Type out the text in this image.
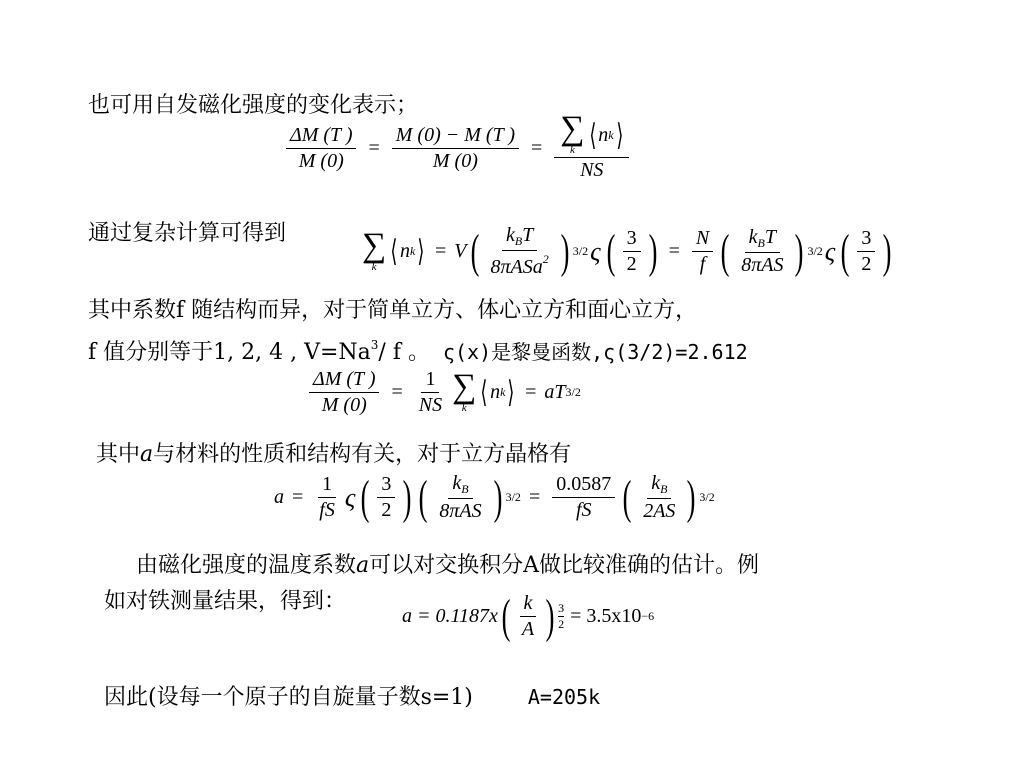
也可用自发磁化强度的变化表示；
$\frac{\Delta M (T )}{M (0)} = \frac{M (0) - M (T )}{M (0)}$ = ∑
k ⟨ n k ⟩
NS
通过复杂计算可得到 ∑
k ⟨ n k ⟩ = V ( $\frac{k_BT}{8\pi ASa^2}$ ) 3/2 ς ( $\frac{3}{2}$ ) = $\frac{N}{f}$ ( $\frac{k_BT}{\text{8πAS}}$ ) 3/2 ς ( $\frac{3}{2}$ )
其中系数f 随结构而异，对于简单立方、体心立方和面心立方，
f 值分别等于1, 2, 4 , $V=Na^3/$ f 。 ς(x)是黎曼函数,ς(3/2)=2.612
$\frac{\Delta M (T )}{M (0)} = \frac{1}{NS}$ ∑
k ⟨ n k ⟩ = aT 3/2
其中a与材料的性质和结构有关，对于立方晶格有
$a = \frac{1}{fS}$ ς ( $\frac{3}{2}$ ) ( $\frac{k_B}{\text{8πAS}}$ ) $3/2 = \frac{0.0587}{fS}$ ( $\frac{k_B}{2AS}$ ) 3/2
由磁化强度的温度系数a可以对交换积分A做比较准确的估计。例
如对铁测量结果，得到：
a = 0.1187x ( $\frac{k}{A}$ ) $\frac{3}{2} = 3.5x10 -6$
因此(设每一个原子的自旋量子数s=1)	A=205k
